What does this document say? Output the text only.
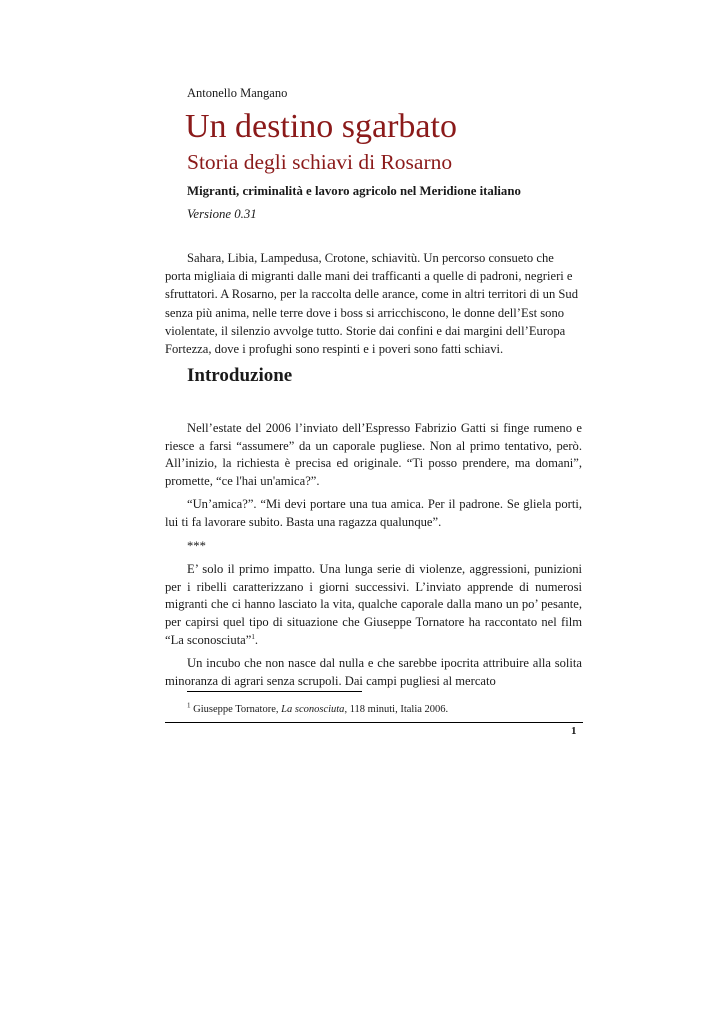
Antonello Mangano
Un destino sgarbato
Storia degli schiavi di Rosarno
Migranti, criminalità e lavoro agricolo nel Meridione italiano
Versione 0.31

Sahara, Libia, Lampedusa, Crotone, schiavitù. Un percorso consueto che porta migliaia di migranti dalle mani dei trafficanti a quelle di padroni, negrieri e sfruttatori. A Rosarno, per la raccolta delle arance, come in altri territori di un Sud senza più anima, nelle terre dove i boss si arricchiscono, le donne dell’Est sono violentate, il silenzio avvolge tutto. Storie dai confini e dai margini dell’Europa Fortezza, dove i profughi sono respinti e i poveri sono fatti schiavi.

Introduzione

Nell’estate del 2006 l’inviato dell’Espresso Fabrizio Gatti si finge rumeno e riesce a farsi “assumere” da un caporale pugliese. Non al primo tentativo, però. All’inizio, la richiesta è precisa ed originale. “Ti posso prendere, ma domani”, promette, “ce l'hai un'amica?”.

“Un’amica?”. “Mi devi portare una tua amica. Per il padrone. Se gliela porti, lui ti fa lavorare subito. Basta una ragazza qualunque”.

***

E’ solo il primo impatto. Una lunga serie di violenze, aggressioni, punizioni per i ribelli caratterizzano i giorni successivi. L’inviato apprende di numerosi migranti che ci hanno lasciato la vita, qualche caporale dalla mano un po’ pesante, per capirsi quel tipo di situazione che Giuseppe Tornatore ha raccontato nel film “La sconosciuta”$^1$.

Un incubo che non nasce dal nulla e che sarebbe ipocrita attribuire alla solita minoranza di agrari senza scrupoli. Dai campi pugliesi al mercato

$^1$ Giuseppe Tornatore, La sconosciuta, 118 minuti, Italia 2006.
1
